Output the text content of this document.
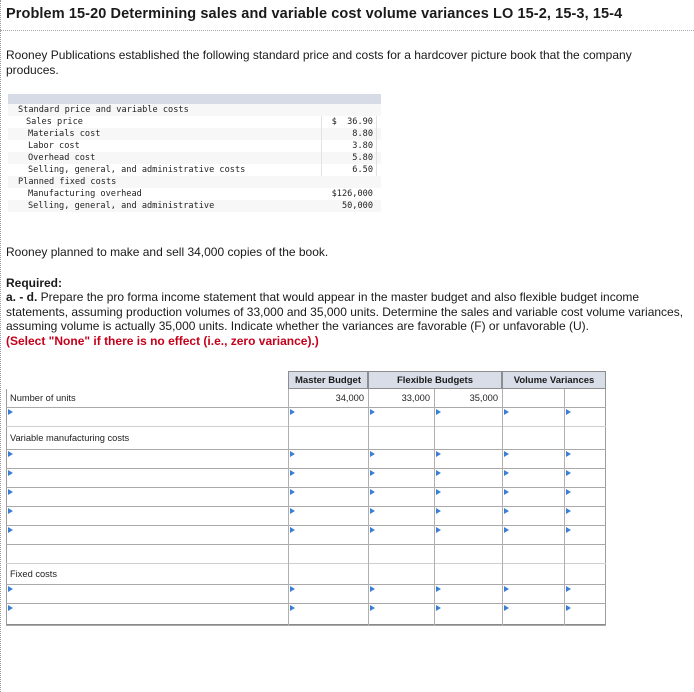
Problem 15-20 Determining sales and variable cost volume variances LO 15-2, 15-3, 15-4
Rooney Publications established the following standard price and costs for a hardcover picture book that the company produces.
Standard price and variable costs
Sales price	$  36.90
Materials cost	8.80
Labor cost	3.80
Overhead cost	5.80
Selling, general, and administrative costs	6.50
Planned fixed costs
Manufacturing overhead	$126,000
Selling, general, and administrative	50,000
Rooney planned to make and sell 34,000 copies of the book.
Required:
a. - d. Prepare the pro forma income statement that would appear in the master budget and also flexible budget income statements, assuming production volumes of 33,000 and 35,000 units. Determine the sales and variable cost volume variances, assuming volume is actually 35,000 units. Indicate whether the variances are favorable (F) or unfavorable (U).
(Select "None" if there is no effect (i.e., zero variance).)
Master Budget	Flexible Budgets	Volume Variances
Number of units	34,000	33,000	35,000
Variable manufacturing costs
Fixed costs
